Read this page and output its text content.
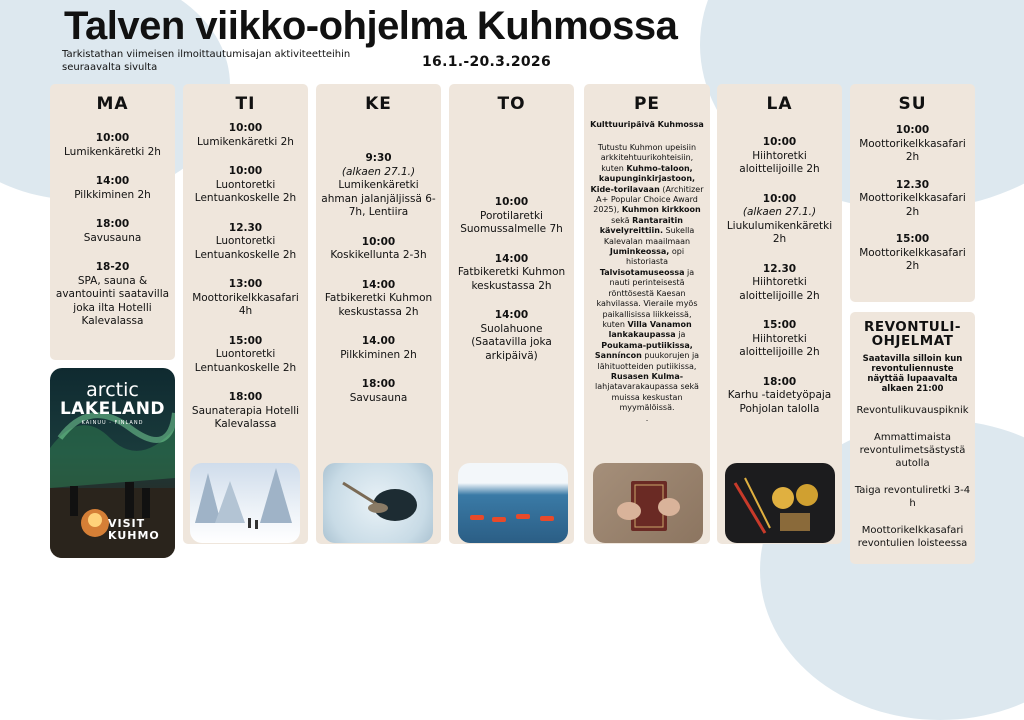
Talven viikko-ohjelma Kuhmossa
Tarkistathan viimeisen ilmoittautumisajan aktiviteetteihin seuraavalta sivulta	16.1.-20.3.2026
MA
10:00
Lumikenkäretki 2h
14:00
Pilkkiminen 2h
18:00
Savusauna
18-20
SPA, sauna & avantouinti saatavilla joka ilta Hotelli Kalevalassa
TI
10:00
Lumikenkäretki 2h
10:00
Luontoretki Lentuankoskelle 2h
12.30
Luontoretki Lentuankoskelle 2h
13:00
Moottorikelkkasafari 4h
15:00
Luontoretki Lentuankoskelle 2h
18:00
Saunaterapia Hotelli Kalevalassa
KE
9:30
(alkaen 27.1.)
Lumikenkäretki ahman jalanjäljissä 6-7h, Lentiira
10:00
Koskikellunta 2-3h
14:00
Fatbikeretki Kuhmon keskustassa 2h
14.00
Pilkkiminen 2h
18:00
Savusauna
TO
10:00
Porotilaretki Suomussalmelle 7h
14:00
Fatbikeretki Kuhmon keskustassa 2h
14:00
Suolahuone (Saatavilla joka arkipäivä)
PE
Kulttuuripäivä Kuhmossa
Tutustu Kuhmon upeisiin arkkitehtuurikohteisiin, kuten Kuhmo-taloon, kaupunginkirjastoon, Kide-torilavaan (Architizer A+ Popular Choice Award 2025), Kuhmon kirkkoon sekä Rantaraitin kävelyreittiin. Sukella Kalevalan maailmaan Juminkeossa, opi historiasta Talvisotamuseossa ja nauti perinteisestä rönttösestä Kaesan kahvilassa. Vieraile myös paikallisissa liikkeissä, kuten Villa Vanamon lankakaupassa ja Poukama-putiikissa, Sanníncon puukorujen ja lähituotteiden putiikissa, Rusasen Kulma- lahjatavarakaupassa sekä muissa keskustan myymälöissä.
.
LA
10:00
Hiihtoretki aloittelijoille 2h
10:00
(alkaen 27.1.)
Liukulumikenkäretki 2h
12.30
Hiihtoretki aloittelijoille 2h
15:00
Hiihtoretki aloittelijoille 2h
18:00
Karhu -taidetyöpaja Pohjolan talolla
SU
10:00
Moottorikelkkasafari 2h
12.30
Moottorikelkkasafari 2h
15:00
Moottorikelkkasafari 2h
REVONTULI-OHJELMAT
Saatavilla silloin kun revontuliennuste näyttää lupaavalta alkaen 21:00
Revontulikuvauspiknik
Ammattimaistа revontulimetsästystä autolla
Taiga revontuliretki 3-4 h
Moottorikelkkasafari revontulien loisteessa
arctic
LAKELAND
KAINUU · FINLAND
VISIT
KUHMO
